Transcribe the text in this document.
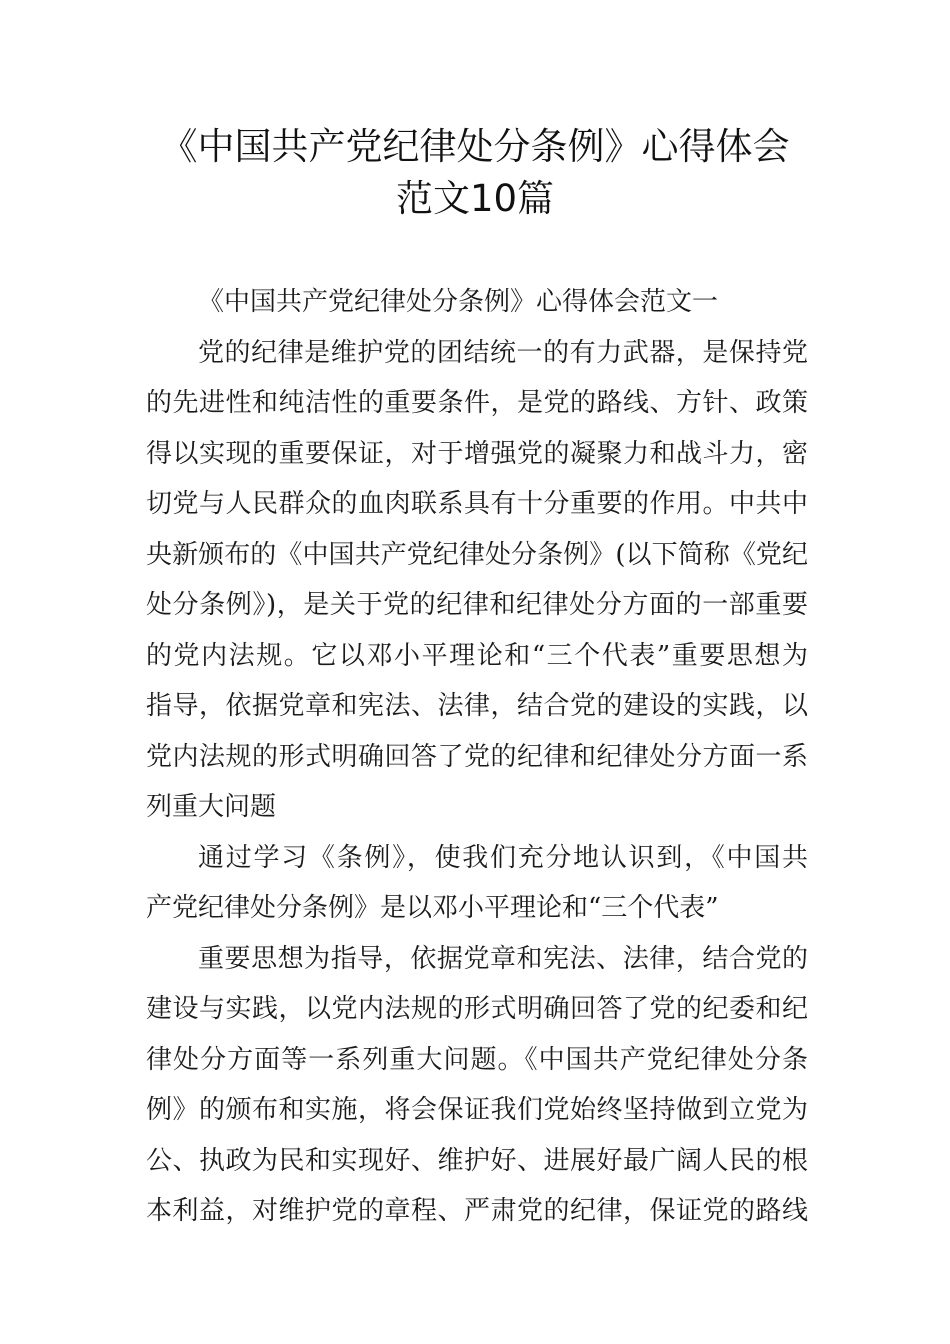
《中国共产党纪律处分条例》心得体会
范文10篇
《中国共产党纪律处分条例》心得体会范文一
党的纪律是维护党的团结统一的有力武器，是保持党
的先进性和纯洁性的重要条件，是党的路线、方针、政策
得以实现的重要保证，对于增强党的凝聚力和战斗力，密
切党与人民群众的血肉联系具有十分重要的作用。中共中
央新颁布的《中国共产党纪律处分条例》(以下简称《党纪
处分条例》)，是关于党的纪律和纪律处分方面的一部重要
的党内法规。它以邓小平理论和“三个代表”重要思想为
指导，依据党章和宪法、法律，结合党的建设的实践，以
党内法规的形式明确回答了党的纪律和纪律处分方面一系
列重大问题
通过学习《条例》，使我们充分地认识到，《中国共
产党纪律处分条例》是以邓小平理论和“三个代表”
重要思想为指导，依据党章和宪法、法律，结合党的
建设与实践，以党内法规的形式明确回答了党的纪委和纪
律处分方面等一系列重大问题。《中国共产党纪律处分条
例》的颁布和实施，将会保证我们党始终坚持做到立党为
公、执政为民和实现好、维护好、进展好最广阔人民的根
本利益，对维护党的章程、严肃党的纪律，保证党的路线
